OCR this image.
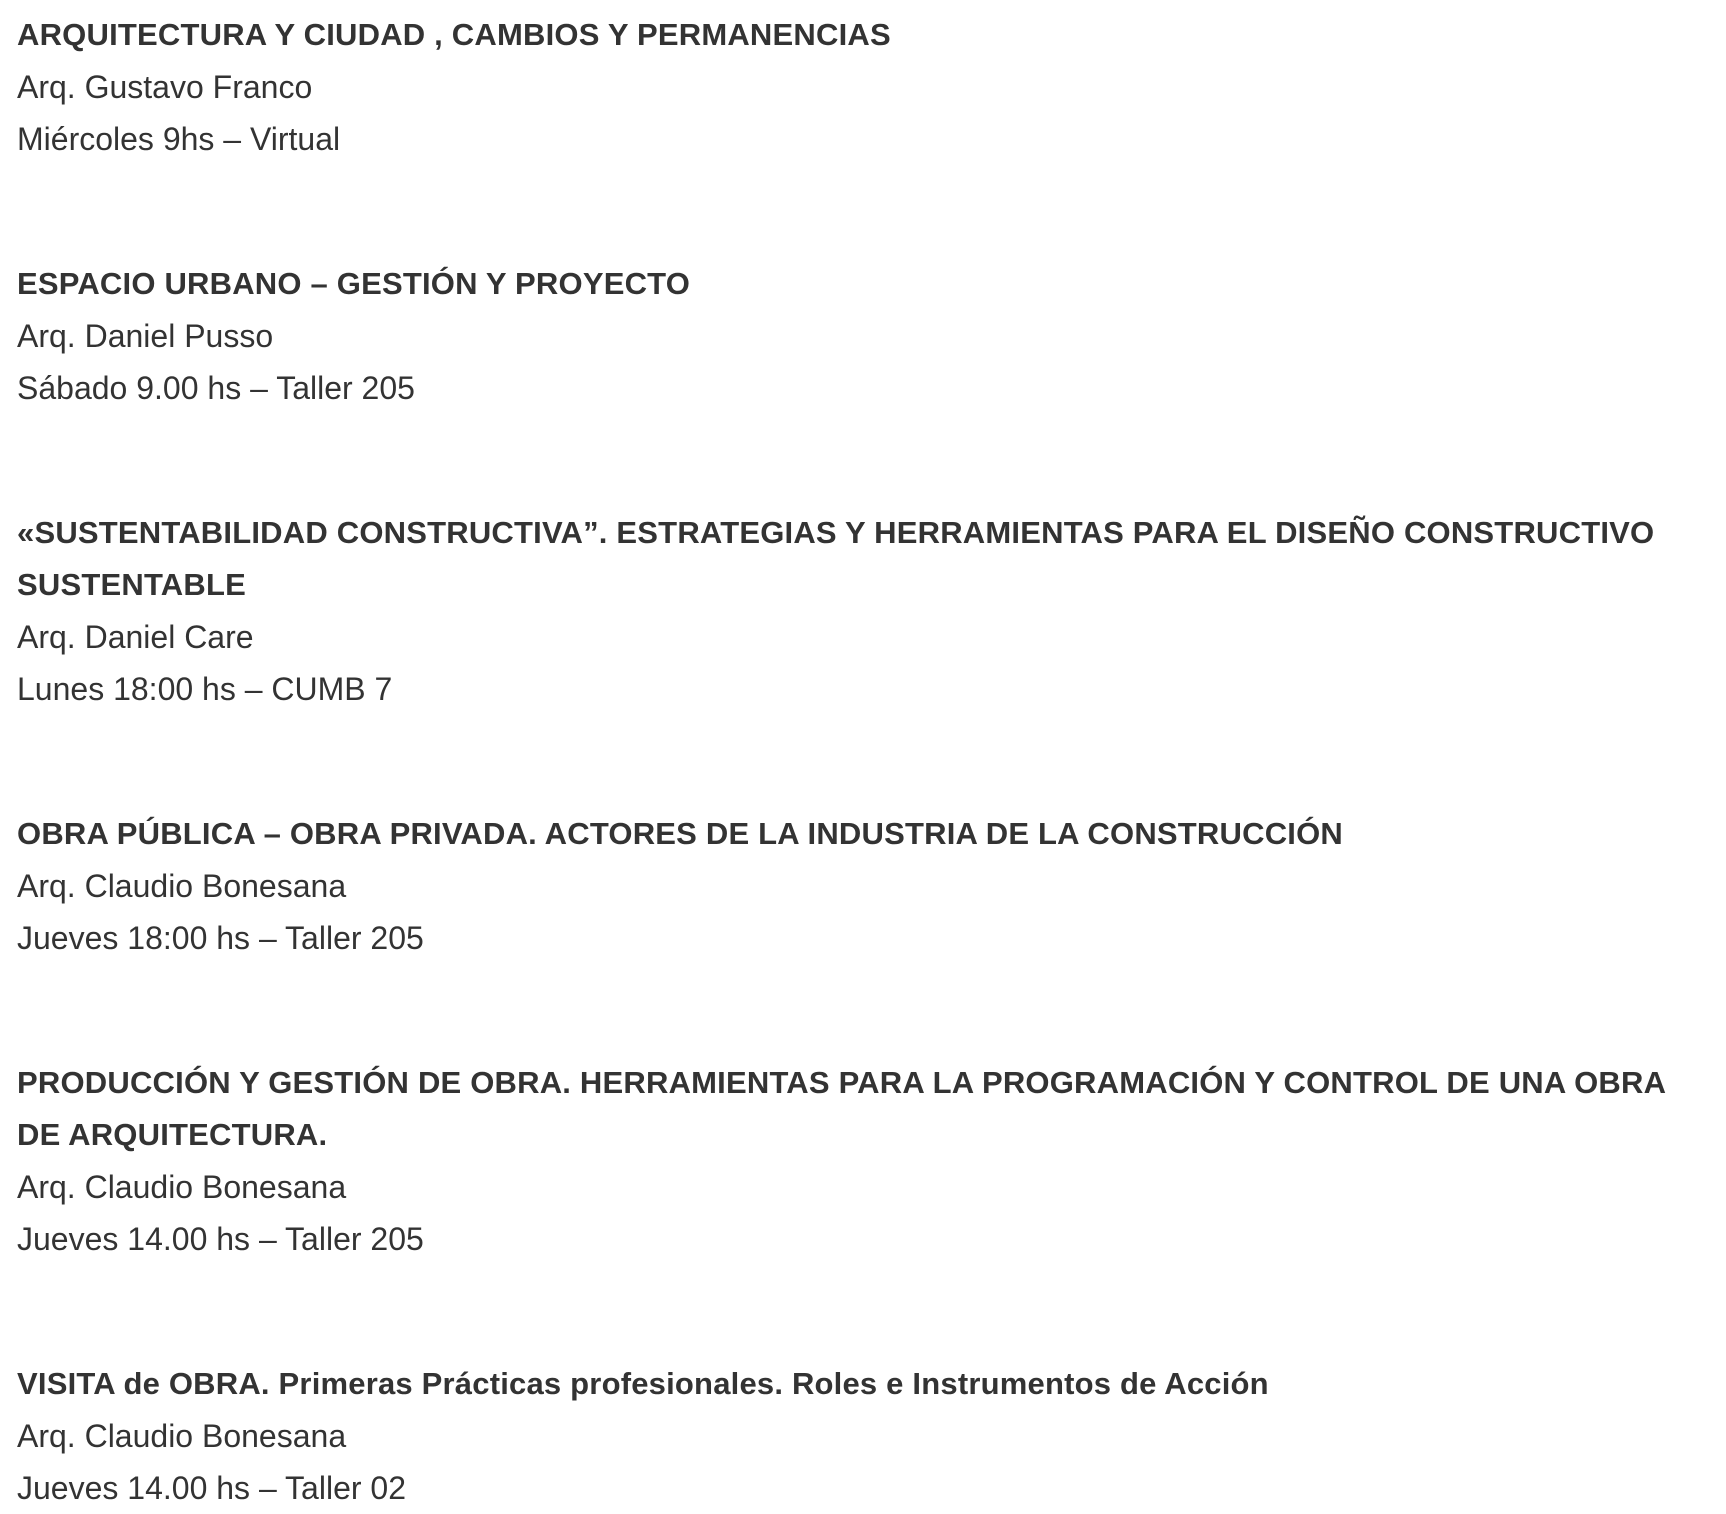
ARQUITECTURA Y CIUDAD , CAMBIOS Y PERMANENCIAS

Arq. Gustavo Franco

Miércoles 9hs – Virtual

ESPACIO URBANO – GESTIÓN Y PROYECTO

Arq. Daniel Pusso

Sábado 9.00 hs – Taller 205

«SUSTENTABILIDAD CONSTRUCTIVA”. ESTRATEGIAS Y HERRAMIENTAS PARA EL DISEÑO CONSTRUCTIVO SUSTENTABLE

Arq. Daniel Care

Lunes 18:00 hs – CUMB 7

OBRA PÚBLICA – OBRA PRIVADA. ACTORES DE LA INDUSTRIA DE LA CONSTRUCCIÓN

Arq. Claudio Bonesana

Jueves 18:00 hs – Taller 205

PRODUCCIÓN Y GESTIÓN DE OBRA. HERRAMIENTAS PARA LA PROGRAMACIÓN Y CONTROL DE UNA OBRA DE ARQUITECTURA.

Arq. Claudio Bonesana

Jueves 14.00 hs – Taller 205

VISITA de OBRA. Primeras Prácticas profesionales. Roles e Instrumentos de Acción

Arq. Claudio Bonesana

Jueves 14.00 hs – Taller 02
